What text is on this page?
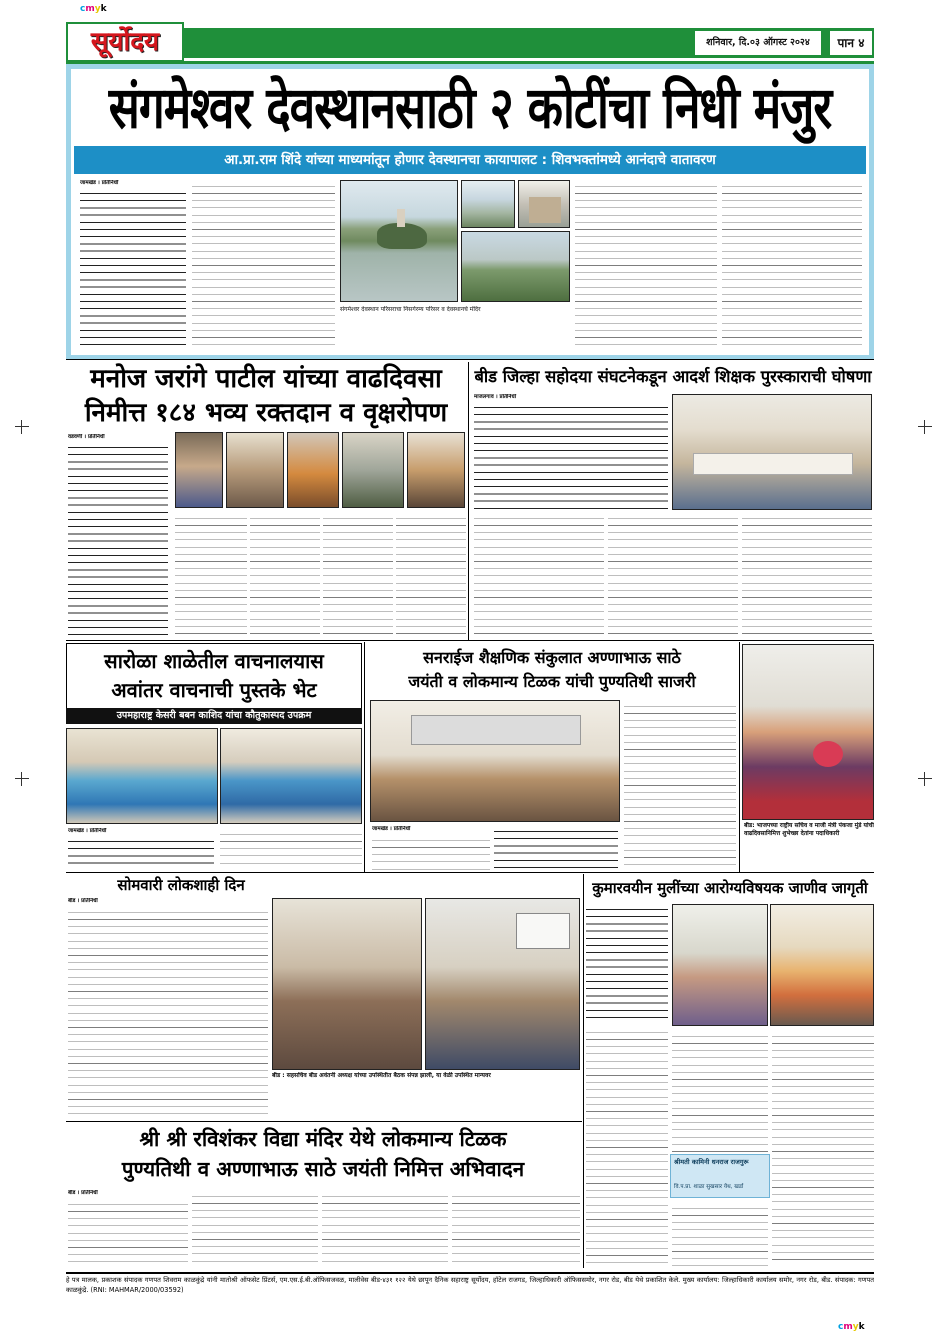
cmyk
cmyk
सूर्योदय	शनिवार, दि.०३ ऑगस्ट २०२४	पान ४
संगमेश्वर देवस्थानसाठी २ कोटींचा निधी मंजुर
आ.प्रा.राम शिंदे यांच्या माध्यमांतून होणार देवस्थानचा कायापालट : शिवभक्तांमध्ये आनंदाचे वातावरण
जामखेड । प्रतिनिधी
संगमेश्वर देवस्थान परिसराचा निसर्गरम्य परिसर व देवस्थानचे मंदिर
मनोज जरांगे पाटील यांच्या वाढदिवसा
निमीत्त १८४ भव्य रक्तदान व वृक्षरोपण
वडवणी । प्रतिनिधी
बीड जिल्हा सहोदया संघटनेकडून आदर्श शिक्षक पुरस्काराची घोषणा
माजलगाव । प्रतिनिधी
सारोळा शाळेतील वाचनालयास
अवांतर वाचनाची पुस्तके भेट
उपमहाराष्ट्र केसरी बबन काशिद यांचा कौतुकास्पद उपक्रम
जामखेड । प्रतिनिधी
सनराईज शैक्षणिक संकुलात अण्णाभाऊ साठे
जयंती व लोकमान्य टिळक यांची पुण्यतिथी साजरी
जामखेड । प्रतिनिधी	बीड: भाजपच्या राष्ट्रीय सचिव व माजी मंत्री पंकजा मुंडे यांची वाढदिवसानिमित्त शुभेच्छा देतांना पदाधिकारी
सोमवारी लोकशाही दिन
बीड । प्रतिनिधी
बीड : सहसचिव बीड अवंतनी अध्यक्ष यांच्या उपस्थितीत बैठक संपन्न झाली, या वेळी उपस्थित मान्यवर
कुमारवयीन मुलींच्या आरोग्यविषयक जाणीव जागृती
श्रीमती कामिनी धनराज राजगुरू
वि.प.प्रा. शाळा सुखसार येथ, खर्डा
श्री श्री रविशंकर विद्या मंदिर येथे लोकमान्य टिळक
पुण्यतिथी व अण्णाभाऊ साठे जयंती निमित्त अभिवादन
बीड । प्रतिनिधी
हे पत्र मालक, प्रकाशक संपादक गणपत शिवराम काळकुंद्रे यांनी मातोश्री ऑफसेट प्रिंटर्स, एम.एस.ई.बी.ऑफिसजवळ, मालीवेस बीड-४३१ १२२ येथे छापून दैनिक सहाराष्ट्र सूर्योदय, हॉटेल राजगड, जिल्हाधिकारी ऑफिससमोर, नगर रोड, बीड येथे प्रकाशित केले. मुख्य कार्यालय: जिल्हाधिकारी कार्यालय समोर, नगर रोड, बीड. संपादक: गणपत काळकुंद्रे. (RNI: MAHMAR/2000/03592)
